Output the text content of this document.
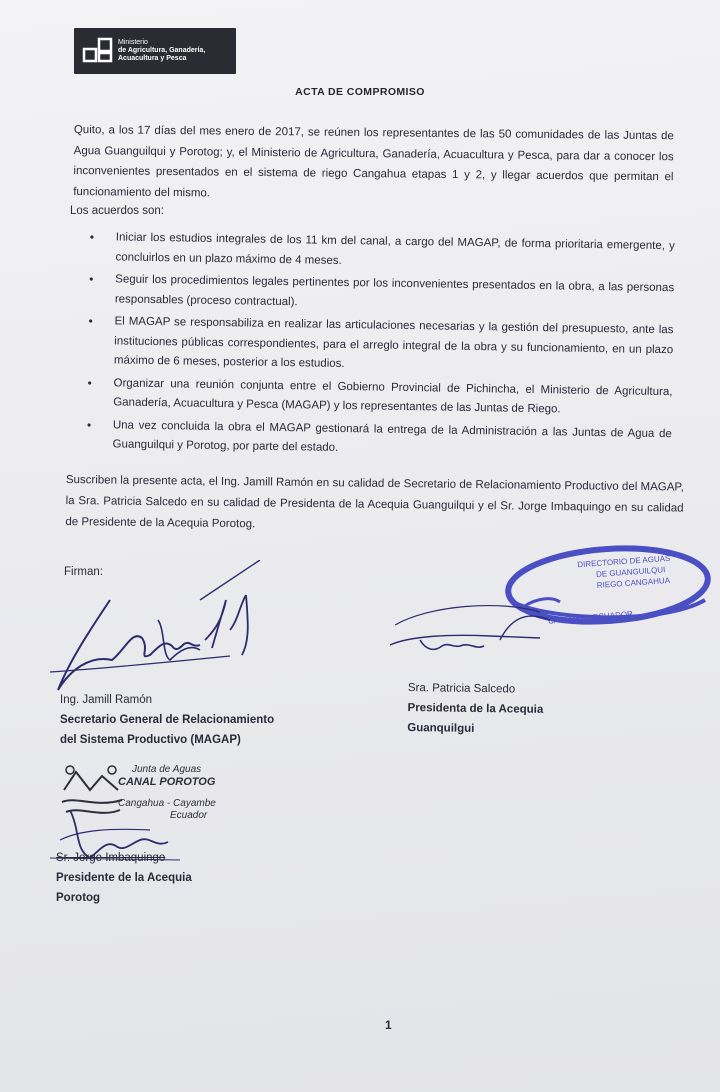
Ministerio
de Agricultura, Ganadería,
Acuacultura y Pesca
ACTA DE COMPROMISO
Quito, a los 17 días del mes enero de 2017, se reúnen los representantes de las 50 comunidades de las Juntas de Agua Guanguilqui y Porotog; y, el Ministerio de Agricultura, Ganadería, Acuacultura y Pesca, para dar a conocer los inconvenientes presentados en el sistema de riego Cangahua etapas 1 y 2, y llegar acuerdos que permitan el funcionamiento del mismo.
Los acuerdos son:
• Iniciar los estudios integrales de los 11 km del canal, a cargo del MAGAP, de forma prioritaria emergente, y concluirlos en un plazo máximo de 4 meses.
• Seguir los procedimientos legales pertinentes por los inconvenientes presentados en la obra, a las personas responsables (proceso contractual).
• El MAGAP se responsabiliza en realizar las articulaciones necesarias y la gestión del presupuesto, ante las instituciones públicas correspondientes, para el arreglo integral de la obra y su funcionamiento, en un plazo máximo de 6 meses, posterior a los estudios.
• Organizar una reunión conjunta entre el Gobierno Provincial de Pichincha, el Ministerio de Agricultura, Ganadería, Acuacultura y Pesca (MAGAP) y los representantes de las Juntas de Riego.
• Una vez concluida la obra el MAGAP gestionará la entrega de la Administración a las Juntas de Agua de Guanguilqui y Porotog, por parte del estado.
Suscriben la presente acta, el Ing. Jamill Ramón en su calidad de Secretario de Relacionamiento Productivo del MAGAP, la Sra. Patricia Salcedo en su calidad de Presidenta de la Acequia Guanguilqui y el Sr. Jorge Imbaquingo en su calidad de Presidente de la Acequia Porotog.
Firman:
Ing. Jamill Ramón
Secretario General de Relacionamiento
del Sistema Productivo (MAGAP)
DIRECTORIO DE AGUAS
DE GUANGUILQUI
RIEGO CANGAHUA
CAYAMBE - ECUADOR
Sra. Patricia Salcedo
Presidenta de la Acequia
Guanquilgui
Junta de Aguas
CANAL POROTOG
Cangahua - Cayambe
Ecuador
Sr. Jorge Imbaquingo
Presidente de la Acequia
Porotog
1
